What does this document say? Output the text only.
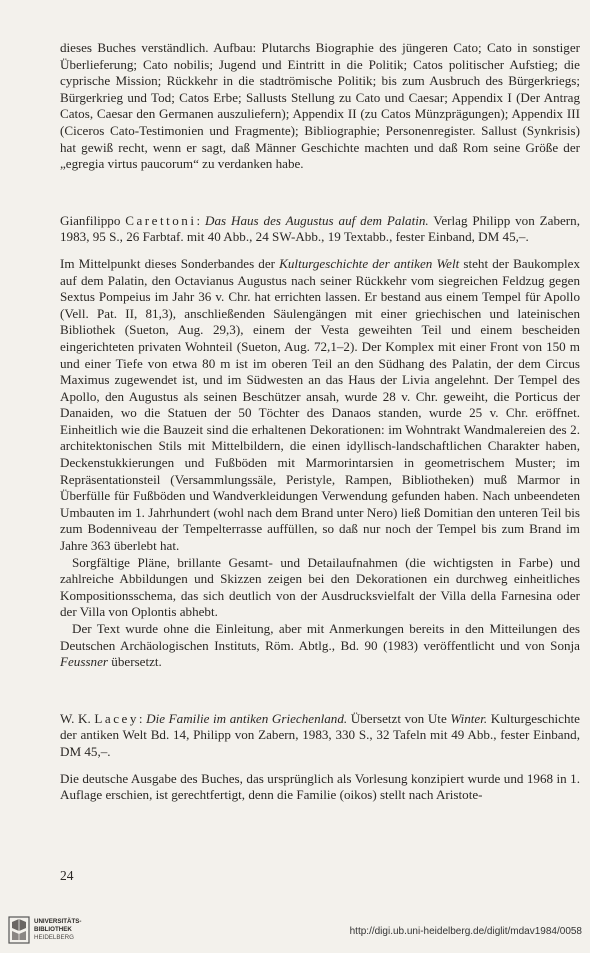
dieses Buches verständlich. Aufbau: Plutarchs Biographie des jüngeren Cato; Cato in sonstiger Überlieferung; Cato nobilis; Jugend und Eintritt in die Politik; Catos politischer Aufstieg; die cyprische Mission; Rückkehr in die stadtrömische Politik; bis zum Ausbruch des Bürgerkriegs; Bürgerkrieg und Tod; Catos Erbe; Sallusts Stellung zu Cato und Caesar; Appendix I (Der Antrag Catos, Caesar den Germanen auszuliefern); Appendix II (zu Catos Münzprägungen); Appendix III (Ciceros Cato-Testimonien und Fragmente); Bibliographie; Personenregister. Sallust (Synkrisis) hat gewiß recht, wenn er sagt, daß Männer Geschichte machten und daß Rom seine Größe der „egregia virtus paucorum“ zu verdanken habe.

Gianfilippo Carettoni: Das Haus des Augustus auf dem Palatin. Verlag Philipp von Zabern, 1983, 95 S., 26 Farbtaf. mit 40 Abb., 24 SW-Abb., 19 Textabb., fester Einband, DM 45,–.

Im Mittelpunkt dieses Sonderbandes der Kulturgeschichte der antiken Welt steht der Baukomplex auf dem Palatin, den Octavianus Augustus nach seiner Rückkehr vom siegreichen Feldzug gegen Sextus Pompeius im Jahr 36 v. Chr. hat errichten lassen. Er bestand aus einem Tempel für Apollo (Vell. Pat. II, 81,3), anschließenden Säulengängen mit einer griechischen und lateinischen Bibliothek (Sueton, Aug. 29,3), einem der Vesta geweihten Teil und einem bescheiden eingerichteten privaten Wohnteil (Sueton, Aug. 72,1–2). Der Komplex mit einer Front von 150 m und einer Tiefe von etwa 80 m ist im oberen Teil an den Südhang des Palatin, der dem Circus Maximus zugewendet ist, und im Südwesten an das Haus der Livia angelehnt. Der Tempel des Apollo, den Augustus als seinen Beschützer ansah, wurde 28 v. Chr. geweiht, die Porticus der Danaiden, wo die Statuen der 50 Töchter des Danaos standen, wurde 25 v. Chr. eröffnet. Einheitlich wie die Bauzeit sind die erhaltenen Dekorationen: im Wohntrakt Wandmalereien des 2. architektonischen Stils mit Mittelbildern, die einen idyllisch-landschaftlichen Charakter haben, Deckenstukkierungen und Fußböden mit Marmorintarsien in geometrischem Muster; im Repräsentationsteil (Versammlungssäle, Peristyle, Rampen, Bibliotheken) muß Marmor in Überfülle für Fußböden und Wandverkleidungen Verwendung gefunden haben. Nach unbeendeten Umbauten im 1. Jahrhundert (wohl nach dem Brand unter Nero) ließ Domitian den unteren Teil bis zum Bodenniveau der Tempelterrasse auffüllen, so daß nur noch der Tempel bis zum Brand im Jahre 363 überlebt hat.

Sorgfältige Pläne, brillante Gesamt- und Detailaufnahmen (die wichtigsten in Farbe) und zahlreiche Abbildungen und Skizzen zeigen bei den Dekorationen ein durchweg einheitliches Kompositionsschema, das sich deutlich von der Ausdrucksvielfalt der Villa della Farnesina oder der Villa von Oplontis abhebt.

Der Text wurde ohne die Einleitung, aber mit Anmerkungen bereits in den Mitteilungen des Deutschen Archäologischen Instituts, Röm. Abtlg., Bd. 90 (1983) veröffentlicht und von Sonja Feussner übersetzt.

W. K. Lacey: Die Familie im antiken Griechenland. Übersetzt von Ute Winter. Kulturgeschichte der antiken Welt Bd. 14, Philipp von Zabern, 1983, 330 S., 32 Tafeln mit 49 Abb., fester Einband, DM 45,–.

Die deutsche Ausgabe des Buches, das ursprünglich als Vorlesung konzipiert wurde und 1968 in 1. Auflage erschien, ist gerechtfertigt, denn die Familie (oikos) stellt nach Aristote-

24
UNIVERSITÄTS-
BIBLIOTHEK
HEIDELBERG
http://digi.ub.uni-heidelberg.de/diglit/mdav1984/0058
